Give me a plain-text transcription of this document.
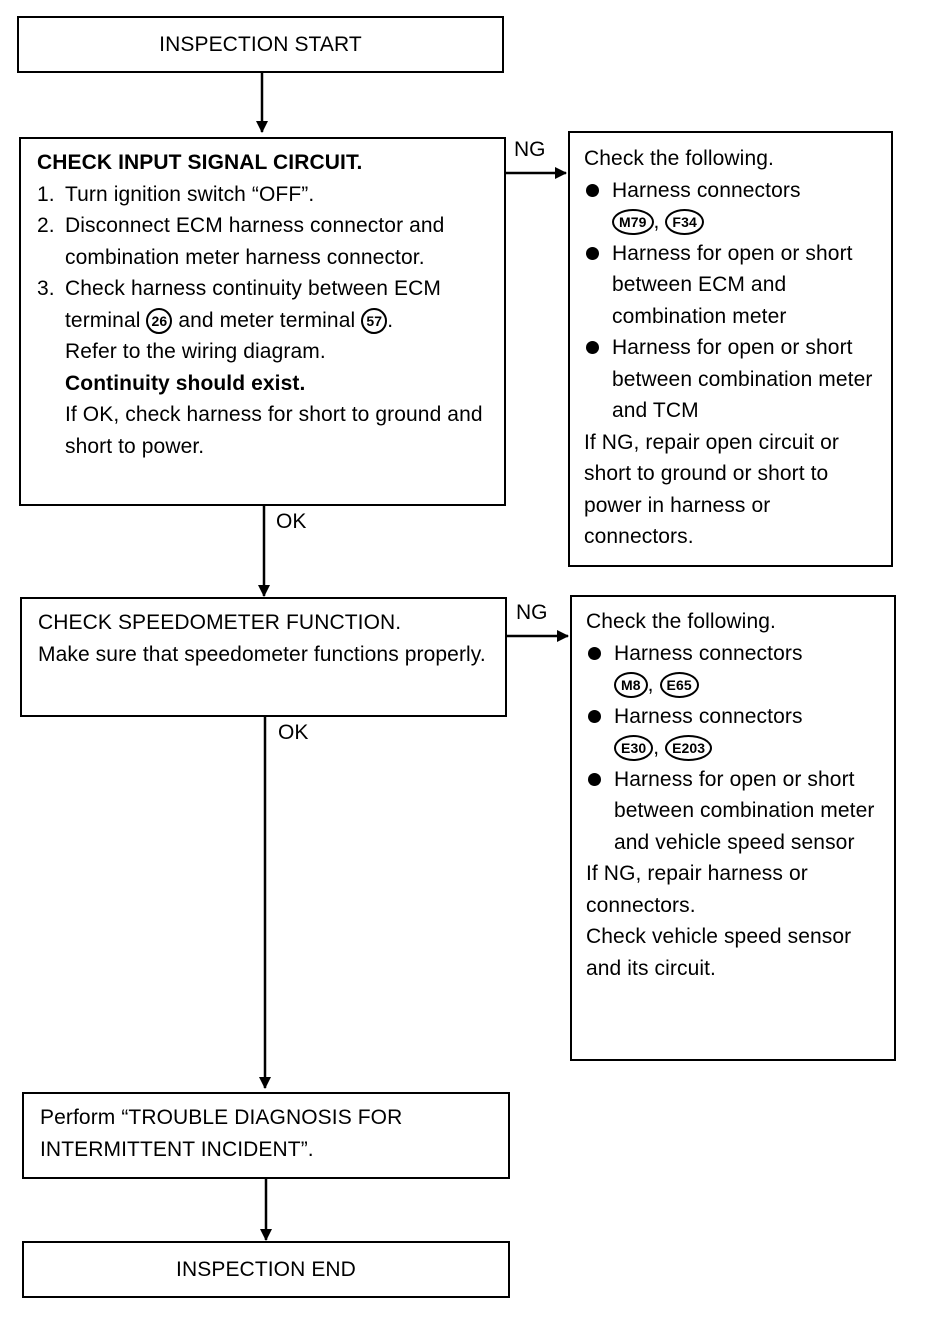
INSPECTION START
CHECK INPUT SIGNAL CIRCUIT.
1. Turn ignition switch “OFF”.
2. Disconnect ECM harness connector and combination meter harness connector.
3. Check harness continuity between ECM terminal 26 and meter terminal 57 .
Refer to the wiring diagram.
Continuity should exist.
If OK, check harness for short to ground and short to power.
NG
OK
Check the following.
Harness connectors
M79 , F34
Harness for open or short between ECM and combination meter
Harness for open or short between combination meter and TCM
If NG, repair open circuit or short to ground or short to power in harness or connectors.
CHECK SPEEDOMETER FUNCTION.
Make sure that speedometer functions properly.
NG
OK
Check the following.
Harness connectors
M8 , E65
Harness connectors
E30 , E203
Harness for open or short between combination meter and vehicle speed sensor
If NG, repair harness or connectors.
Check vehicle speed sensor and its circuit.
Perform “TROUBLE DIAGNOSIS FOR INTERMITTENT INCIDENT”.
INSPECTION END
